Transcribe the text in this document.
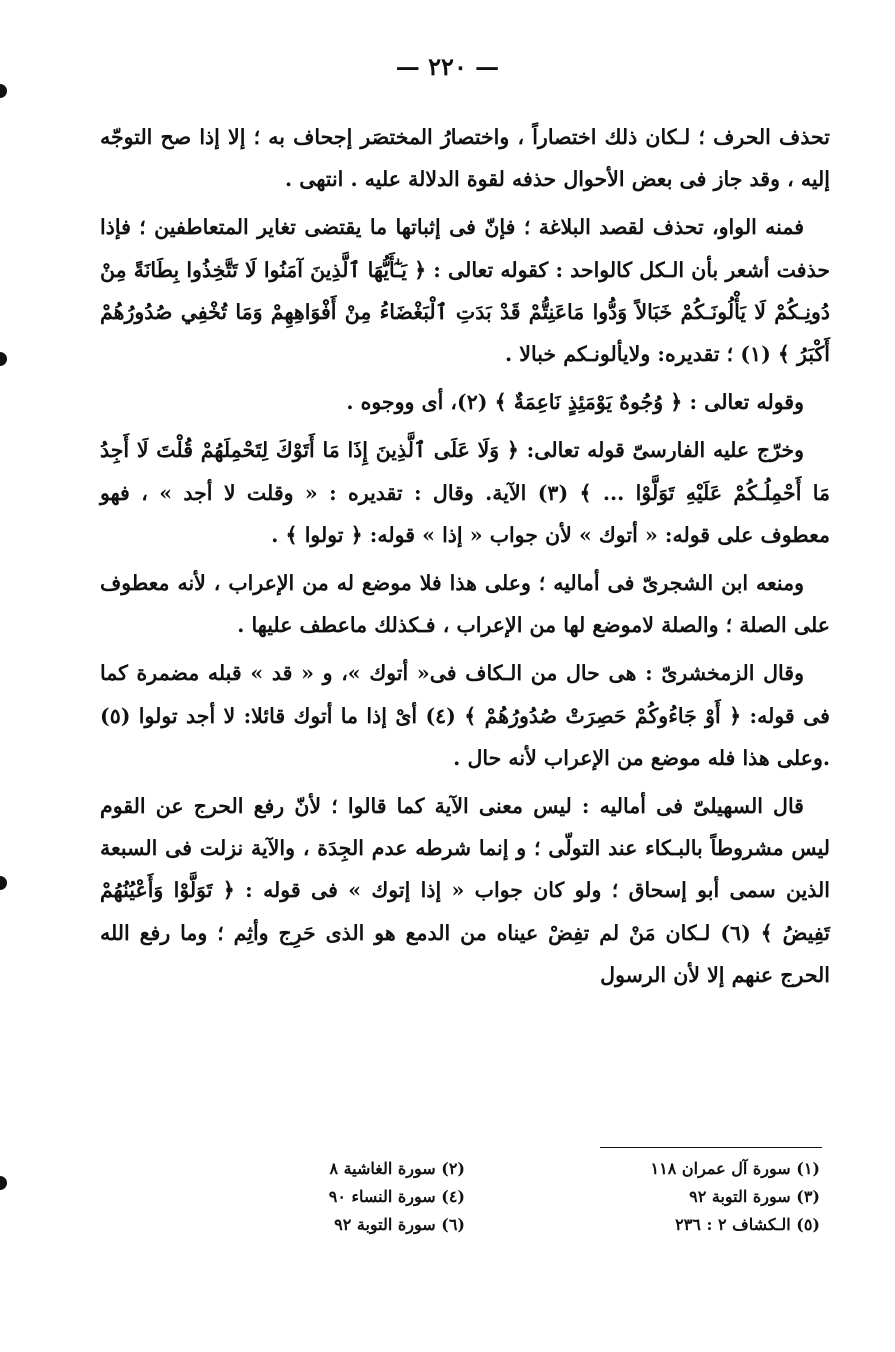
— ٢٢٠ —

تحذف الحرف ؛ لـكان ذلك اختصاراً ، واختصارُ المختصَر إجحاف به ؛ إلا إذا صح التوجّه إليه ، وقد جاز فى بعض الأحوال حذفه لقوة الدلالة عليه . انتهى .

فمنه الواو، تحذف لقصد البلاغة ؛ فإنّ فى إثباتها ما يقتضى تغاير المتعاطفين ؛ فإذا حذفت أشعر بأن الـكل كالواحد : كقوله تعالى : ﴿ يَـٰٓأَيُّهَا ٱلَّذِينَ آمَنُوا لَا تَتَّخِذُوا بِطَانَةً مِنْ دُونِـكُمْ لَا يَأْلُونَـكُمْ خَبَالاً وَدُّوا مَاعَنِتُّمْ قَدْ بَدَتِ ٱلْبَغْضَاءُ مِنْ أَفْوَاهِهِمْ وَمَا تُخْفِي صُدُورُهُمْ أَكْبَرُ ﴾ (١) ؛ تقديره: ولايألونـكم خبالا .

وقوله تعالى : ﴿ وُجُوهٌ يَوْمَئِذٍ نَاعِمَةٌ ﴾ (٢)، أى ووجوه .

وخرّج عليه الفارسىّ قوله تعالى: ﴿ وَلَا عَلَى ٱلَّذِينَ إِذَا مَا أَتَوْكَ لِتَحْمِلَهُمْ قُلْتَ لَا أَجِدُ مَا أَحْمِلُـكُمْ عَلَيْهِ تَوَلَّوْا ... ﴾ (٣) الآية. وقال : تقديره : « وقلت لا أجد » ، فهو معطوف على قوله: « أتوك » لأن جواب « إذا » قوله: ﴿ تولوا ﴾ .

ومنعه ابن الشجرىّ فى أماليه ؛ وعلى هذا فلا موضع له من الإعراب ، لأنه معطوف على الصلة ؛ والصلة لاموضع لها من الإعراب ، فـكذلك ماعطف عليها .

وقال الزمخشرىّ : هى حال من الـكاف فى« أتوك »، و « قد » قبله مضمرة كما فى قوله: ﴿ أَوْ جَاءُوكُمْ حَصِرَتْ صُدُورُهُمْ ﴾ (٤) أىْ إذا ما أتوك قائلا: لا أجد تولوا (٥) .وعلى هذا فله موضع من الإعراب لأنه حال .

قال السهيلىّ فى أماليه : ليس معنى الآية كما قالوا ؛ لأنّ رفع الحرج عن القوم ليس مشروطاً بالبـكاء عند التولّى ؛ و إنما شرطه عدم الجِدَة ، والآية نزلت فى السبعة الذين سمى أبو إسحاق ؛ ولو كان جواب « إذا إتوك » فى قوله : ﴿ تَوَلَّوْا وَأَعْيُنُهُمْ تَفِيضُ ﴾ (٦) لـكان مَنْ لم تفِضْ عيناه من الدمع هو الذى حَرِج وأثِم ؛ وما رفع الله الحرج عنهم إلا لأن الرسول

(١) سورة آل عمران ١١٨
(٢) سورة الغاشية ٨
(٣) سورة التوبة ٩٢
(٤) سورة النساء ٩٠
(٥) الـكشاف ٢ : ٢٣٦
(٦) سورة التوبة ٩٢
